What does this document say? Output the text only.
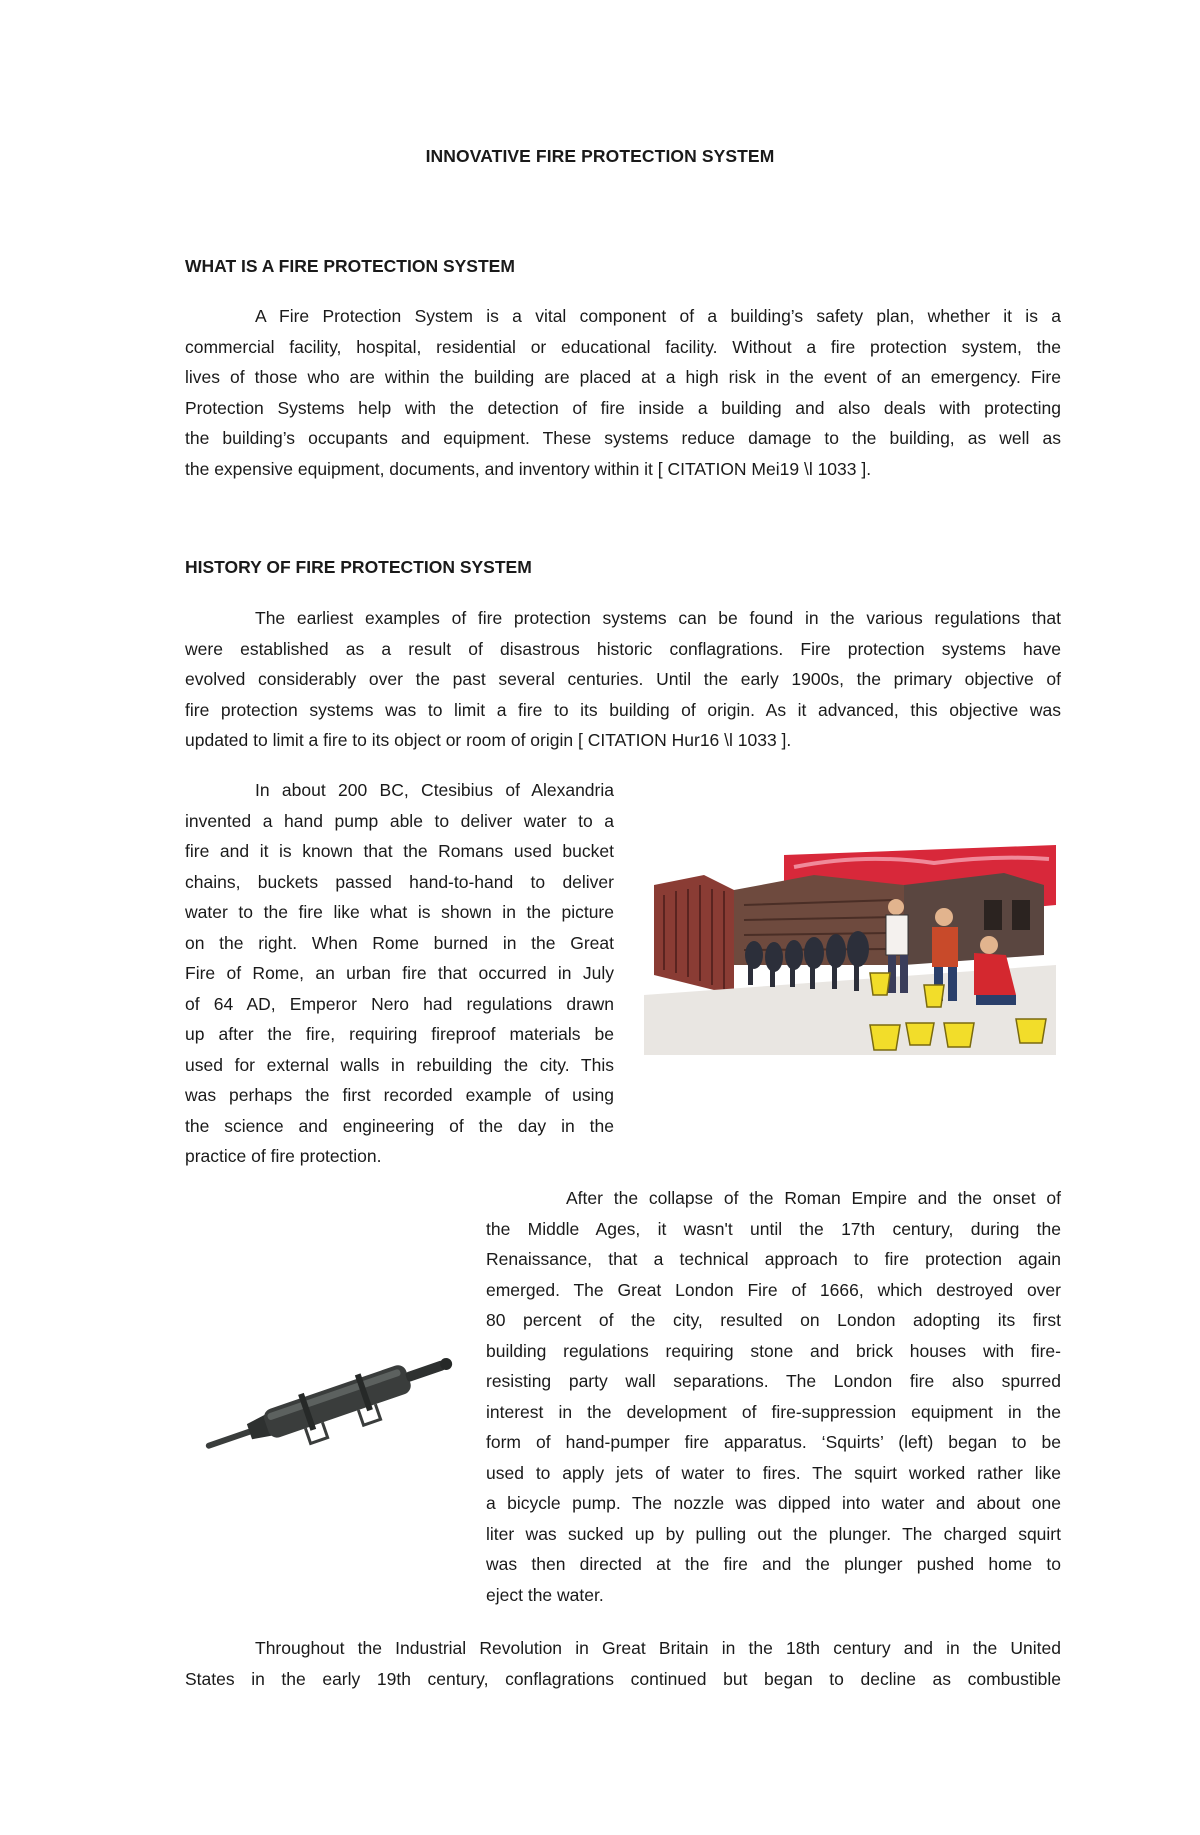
INNOVATIVE FIRE PROTECTION SYSTEM
WHAT IS A FIRE PROTECTION SYSTEM
A Fire Protection System is a vital component of a building’s safety plan, whether it is a
commercial facility, hospital, residential or educational facility. Without a fire protection system, the
lives of those who are within the building are placed at a high risk in the event of an emergency. Fire
Protection Systems help with the detection of fire inside a building and also deals with protecting
the building’s occupants and equipment. These systems reduce damage to the building, as well as
the expensive equipment, documents, and inventory within it [ CITATION Mei19 \l 1033 ].
HISTORY OF FIRE PROTECTION SYSTEM
The earliest examples of fire protection systems can be found in the various regulations that
were established as a result of disastrous historic conflagrations. Fire protection systems have
evolved considerably over the past several centuries. Until the early 1900s, the primary objective of
fire protection systems was to limit a fire to its building of origin. As it advanced, this objective was
updated to limit a fire to its object or room of origin [ CITATION Hur16 \l 1033 ].
In about 200 BC, Ctesibius of Alexandria
invented a hand pump able to deliver water to a
fire and it is known that the Romans used bucket
chains, buckets passed hand-to-hand to deliver
water to the fire like what is shown in the picture
on the right. When Rome burned in the Great
Fire of Rome, an urban fire that occurred in July
of 64 AD, Emperor Nero had regulations drawn
up after the fire, requiring fireproof materials be
used for external walls in rebuilding the city. This
was perhaps the first recorded example of using
the science and engineering of the day in the
practice of fire protection.
After the collapse of the Roman Empire and the onset of
the Middle Ages, it wasn't until the 17th century, during the
Renaissance, that a technical approach to fire protection again
emerged. The Great London Fire of 1666, which destroyed over
80 percent of the city, resulted on London adopting its first
building regulations requiring stone and brick houses with fire-
resisting party wall separations. The London fire also spurred
interest in the development of fire-suppression equipment in the
form of hand-pumper fire apparatus. ‘Squirts’ (left) began to be
used to apply jets of water to fires. The squirt worked rather like
a bicycle pump. The nozzle was dipped into water and about one
liter was sucked up by pulling out the plunger. The charged squirt
was then directed at the fire and the plunger pushed home to
eject the water.
Throughout the Industrial Revolution in Great Britain in the 18th century and in the United
States in the early 19th century, conflagrations continued but began to decline as combustible
